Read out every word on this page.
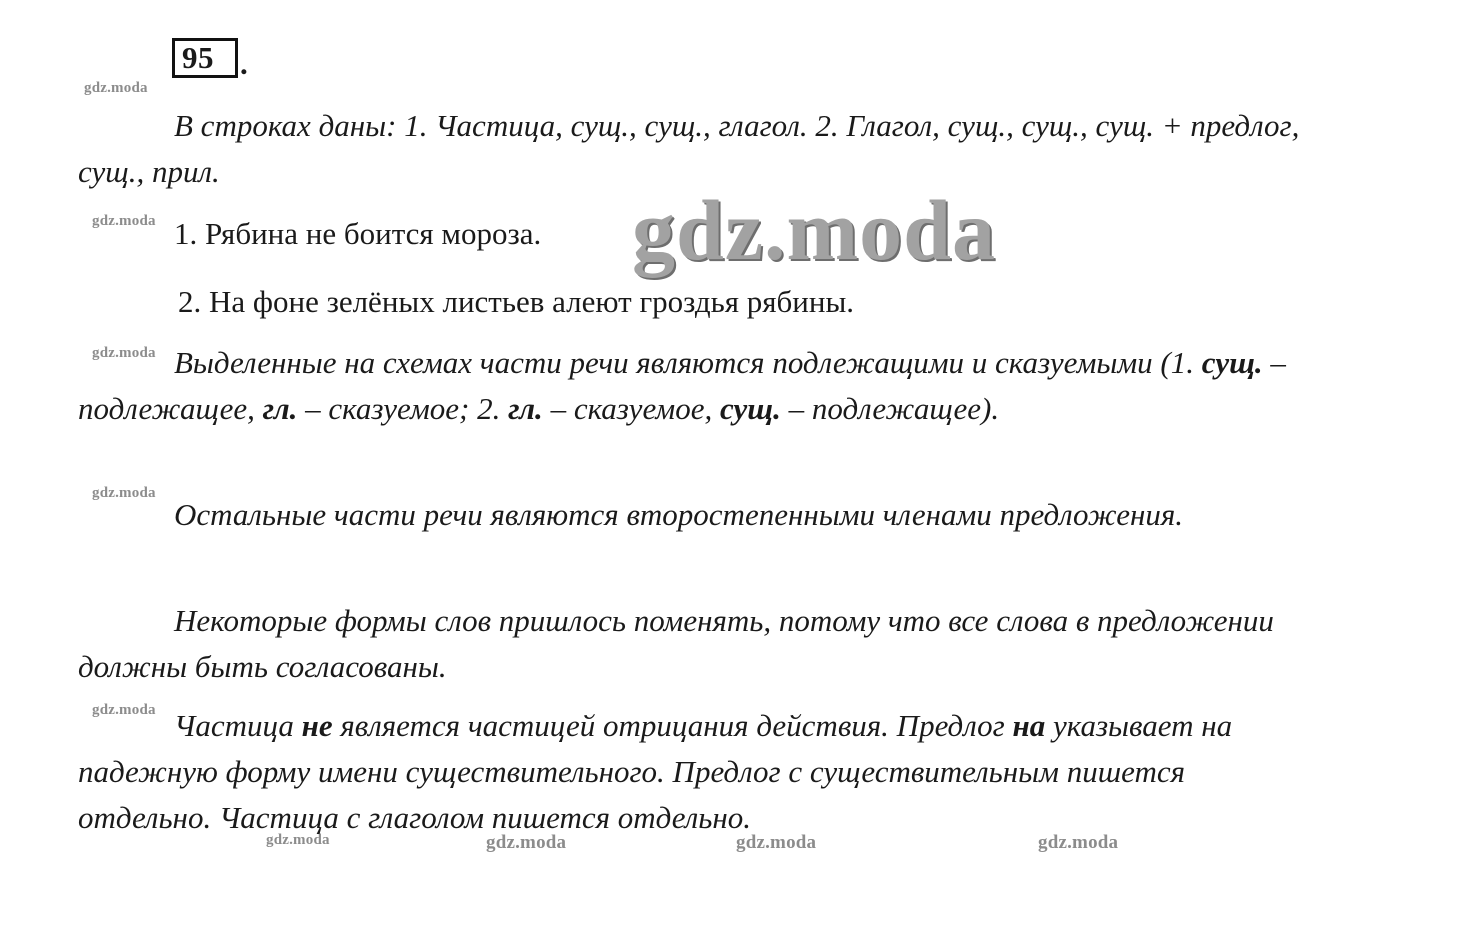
95 .
gdz.moda
gdz.moda
gdz.moda
gdz.moda
gdz.moda
gdz.moda	gdz.moda	gdz.moda	gdz.moda

В строках даны: 1. Частица, сущ., сущ., глагол. 2. Глагол, сущ., сущ., сущ. + предлог, сущ., прил.

1. Рябина не боится мороза.	gdz.moda

2. На фоне зелёных листьев алеют гроздья рябины.

Выделенные на схемах части речи являются подлежащими и сказуемыми (1. сущ. – подлежащее, гл. – сказуемое; 2. гл. – сказуемое, сущ. – подлежащее).

Остальные части речи являются второстепенными членами предложения.

Некоторые формы слов пришлось поменять, потому что все слова в предложении должны быть согласованы.

Частица не является частицей отрицания действия. Предлог на указывает на падежную форму имени существительного. Предлог с существительным пишется отдельно. Частица с глаголом пишется отдельно.
